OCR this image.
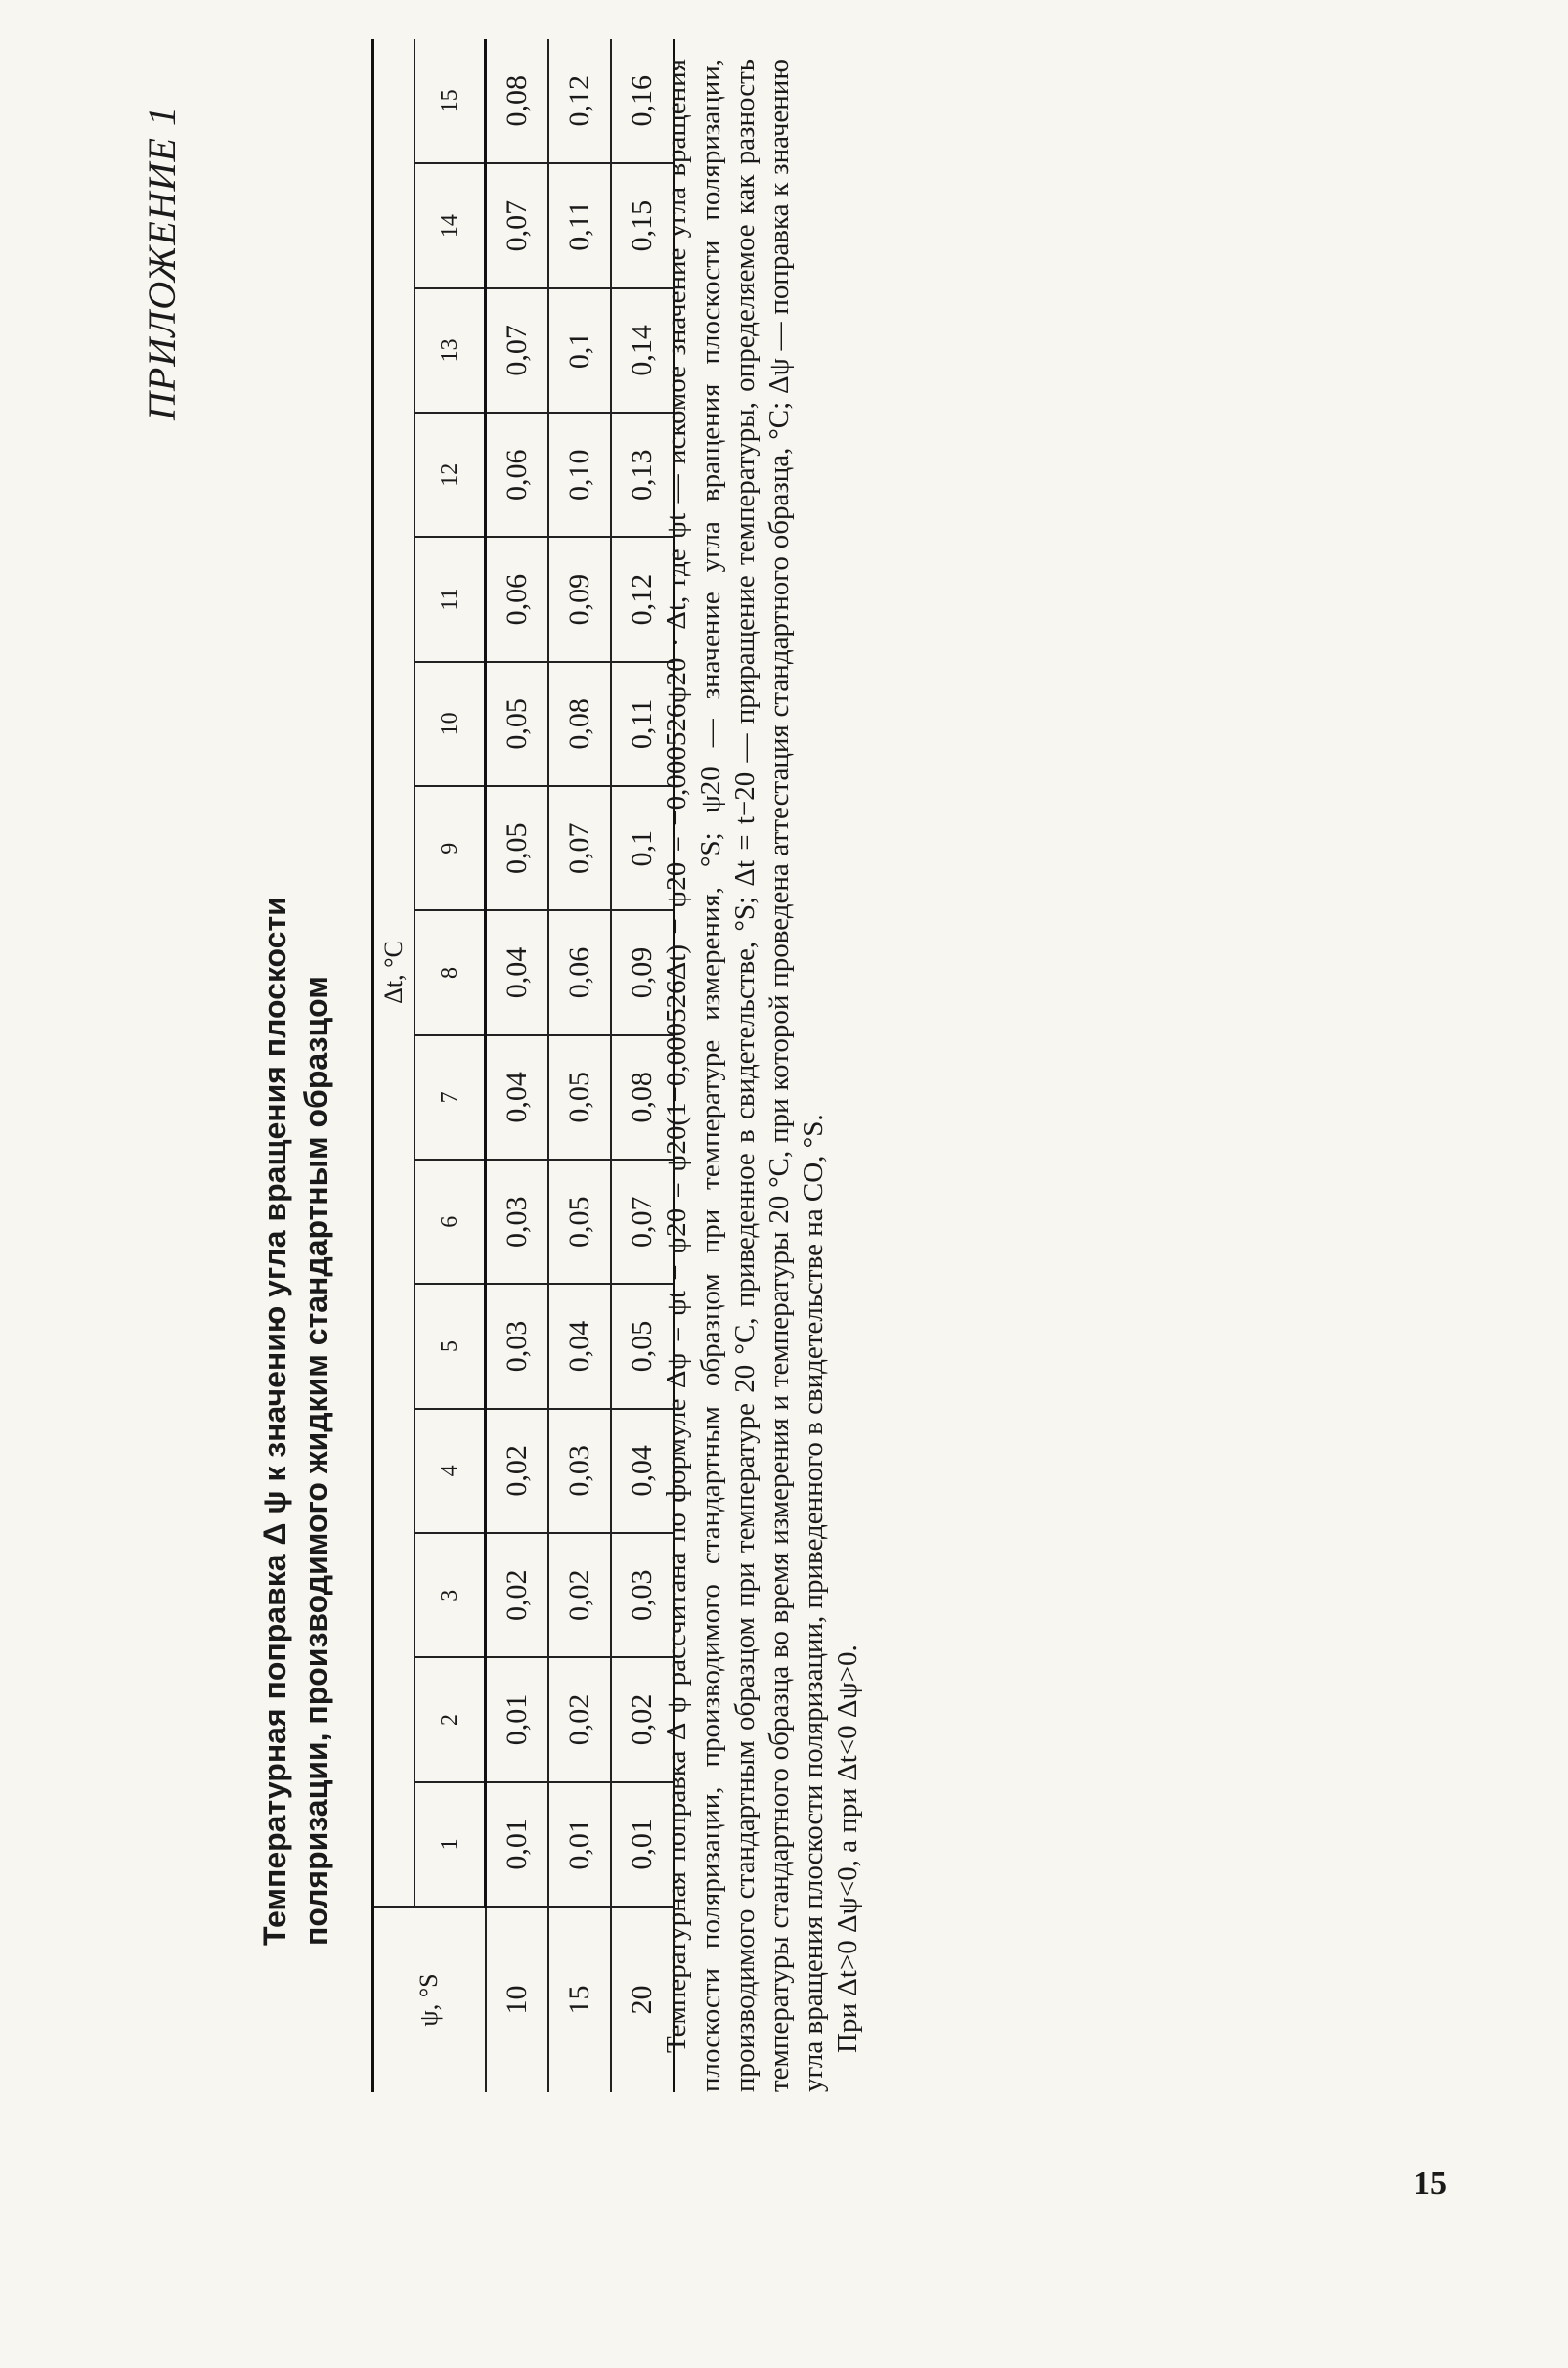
ПРИЛОЖЕНИЕ 1
Температурная поправка Δ ψ к значению угла вращения плоскости поляризации, производимого жидким стандартным образцом
ψ, °S	Δt, °C														
	1	2	3	4	5	6	7	8	9	10	11	12	13	14	15
10	0,01	0,01	0,02	0,02	0,03	0,03	0,04	0,04	0,05	0,05	0,06	0,06	0,07	0,07	0,08
15	0,01	0,02	0,02	0,03	0,04	0,05	0,05	0,06	0,07	0,08	0,09	0,10	0,1	0,11	0,12
20	0,01	0,02	0,03	0,04	0,05	0,07	0,08	0,09	0,1	0,11	0,12	0,13	0,14	0,15	0,16 Температурная поправка Δ ψ рассчитана по формуле Δψ = ψt − ψ20 = ψ20(1−0,000526Δt) − ψ20 = −0,000526ψ20 · Δt, где ψt — искомое значение угла вращения плоскости поляризации, производимого стандартным образцом при температуре измерения, °S; ψ20 — значение угла вращения плоскости поляризации, производимого стандартным образцом при температуре 20 °C, приведенное в свидетельстве, °S; Δt = t−20 — приращение температуры, определяемое как разность температуры стандартного образца во время измерения и температуры 20 °C, при которой проведена аттестация стандартного образца, °C; Δψ — поправка к значению угла вращения плоскости поляризации, приведенного в свидетельстве на СО, °S. При Δt>0 Δψ<0, а при Δt<0 Δψ>0.

15
